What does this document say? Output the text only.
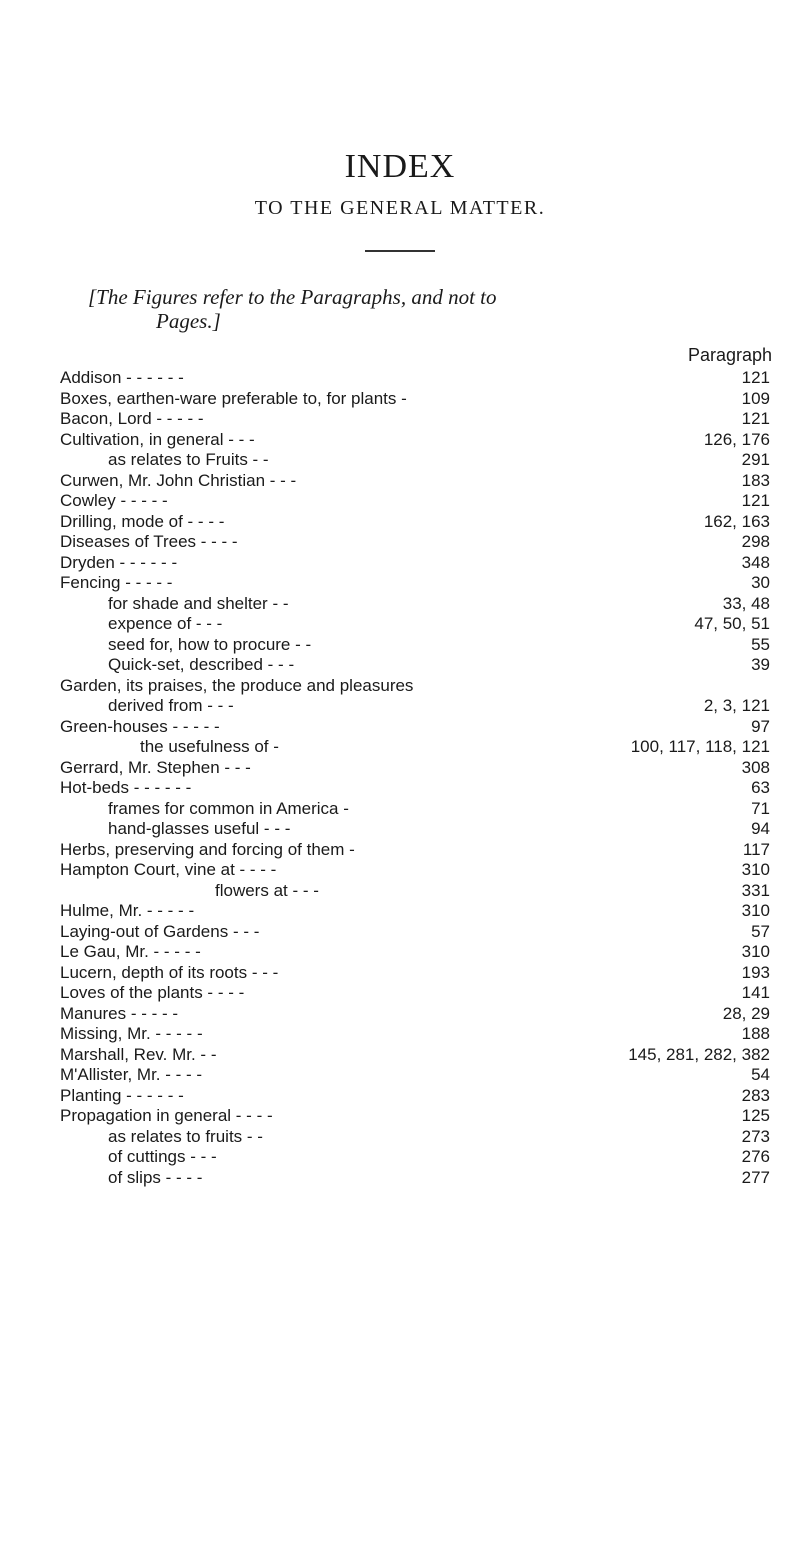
INDEX
TO THE GENERAL MATTER.
[The Figures refer to the Paragraphs, and not to
Pages.]
Paragraph
Addison - - - - - -	121
Boxes, earthen-ware preferable to, for plants -	109
Bacon, Lord - - - - -	121
Cultivation, in general - - -	126, 176
as relates to Fruits - -	291
Curwen, Mr. John Christian - - -	183
Cowley - - - - -	121
Drilling, mode of - - - -	162, 163
Diseases of Trees - - - -	298
Dryden - - - - - -	348
Fencing - - - - -	30
for shade and shelter - -	33, 48
expence of - - -	47, 50, 51
seed for, how to procure - -	55
Quick-set, described - - -	39
Garden, its praises, the produce and pleasures
derived from - - -	2, 3, 121
Green-houses - - - - -	97
the usefulness of -	100, 117, 118, 121
Gerrard, Mr. Stephen - - -	308
Hot-beds - - - - - -	63
frames for common in America -	71
hand-glasses useful - - -	94
Herbs, preserving and forcing of them -	117
Hampton Court, vine at - - - -	310
flowers at - - -	331
Hulme, Mr. - - - - -	310
Laying-out of Gardens - - -	57
Le Gau, Mr. - - - - -	310
Lucern, depth of its roots - - -	193
Loves of the plants - - - -	141
Manures - - - - -	28, 29
Missing, Mr. - - - - -	188
Marshall, Rev. Mr. - -	145, 281, 282, 382
M'Allister, Mr. - - - -	54
Planting - - - - - -	283
Propagation in general - - - -	125
as relates to fruits - -	273
of cuttings - - -	276
of slips - - - -	277
